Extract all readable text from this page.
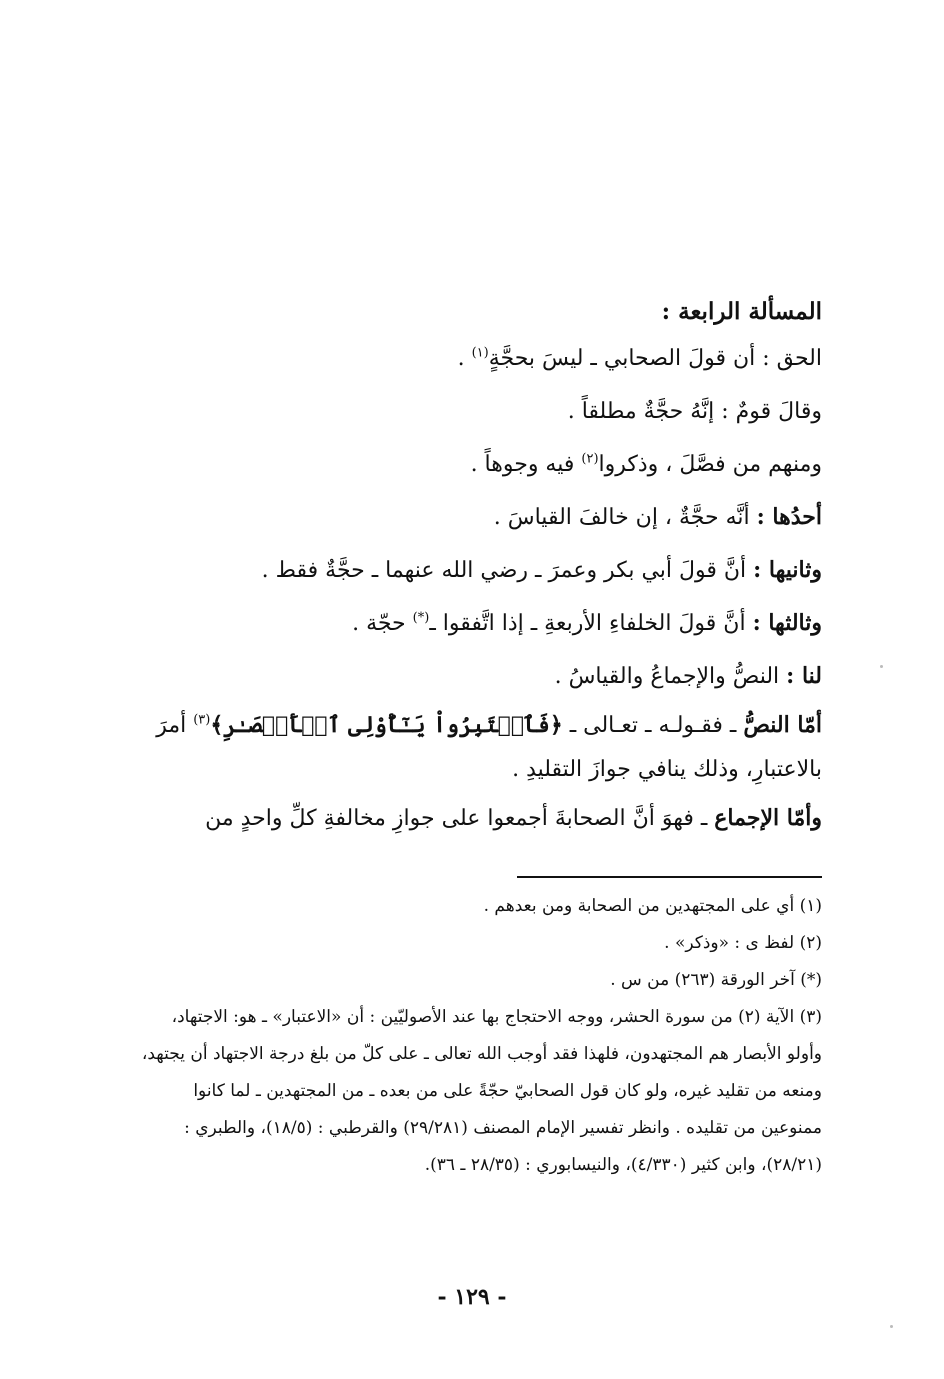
المسألة الرابعة :

الحق : أن قولَ الصحابي ـ ليسَ بحجَّةٍ$^{(١)}$ .

وقالَ قومٌ : إنَّهُ حجَّةٌ مطلقاً .

ومنهم من فصَّلَ ، وذكروا$^{(٢)}$ فيه وجوهاً .

أحدُها : أنَّه حجَّةٌ ، إن خالفَ القياسَ .

وثانيها : أنَّ قولَ أبي بكر وعمرَ ـ رضي الله عنهما ـ حجَّةٌ فقط .

وثالثها : أنَّ قولَ الخلفاءِ الأربعةِ ـ إذا اتَّفقوا ـ(*) حجّة .

لنا : النصُّ والإجماعُ والقياسُ .

أمّا النصُّ ـ فقـولـه ـ تعـالى ـ ﴿فَٱعۡتَبِرُواْ يَـٰٓأُوْلِى ٱلۡأَبۡصَـٰرِ﴾$^{(٣)}$ أمرَ بالاعتبارِ، وذلك ينافي جوازَ التقليدِ .

وأمّا الإجماع ـ فهوَ أنَّ الصحابةَ أجمعوا على جوازِ مخالفةِ كلِّ واحدٍ من

(١) أي على المجتهدين من الصحابة ومن بعدهم .

(٢) لفظ ى : «وذكر» .

(*) آخر الورقة (٢٦٣) من س .

(٣) الآية (٢) من سورة الحشر، ووجه الاحتجاج بها عند الأصوليّين : أن «الاعتبار» ـ هو: الاجتهاد، وأولو الأبصار هم المجتهدون، فلهذا فقد أوجب الله تعالى ـ على كلّ من بلغ درجة الاجتهاد أن يجتهد، ومنعه من تقليد غيره، ولو كان قول الصحابيّ حجّةً على من بعده ـ من المجتهدين ـ لما كانوا ممنوعين من تقليده . وانظر تفسير الإمام المصنف (٢٩/٢٨١) والقرطبي : (١٨/٥)، والطبري : (٢٨/٢١)، وابن كثير (٤/٣٣٠)، والنيسابوري : (٢٨/٣٥ ـ ٣٦).

- ١٢٩ -
